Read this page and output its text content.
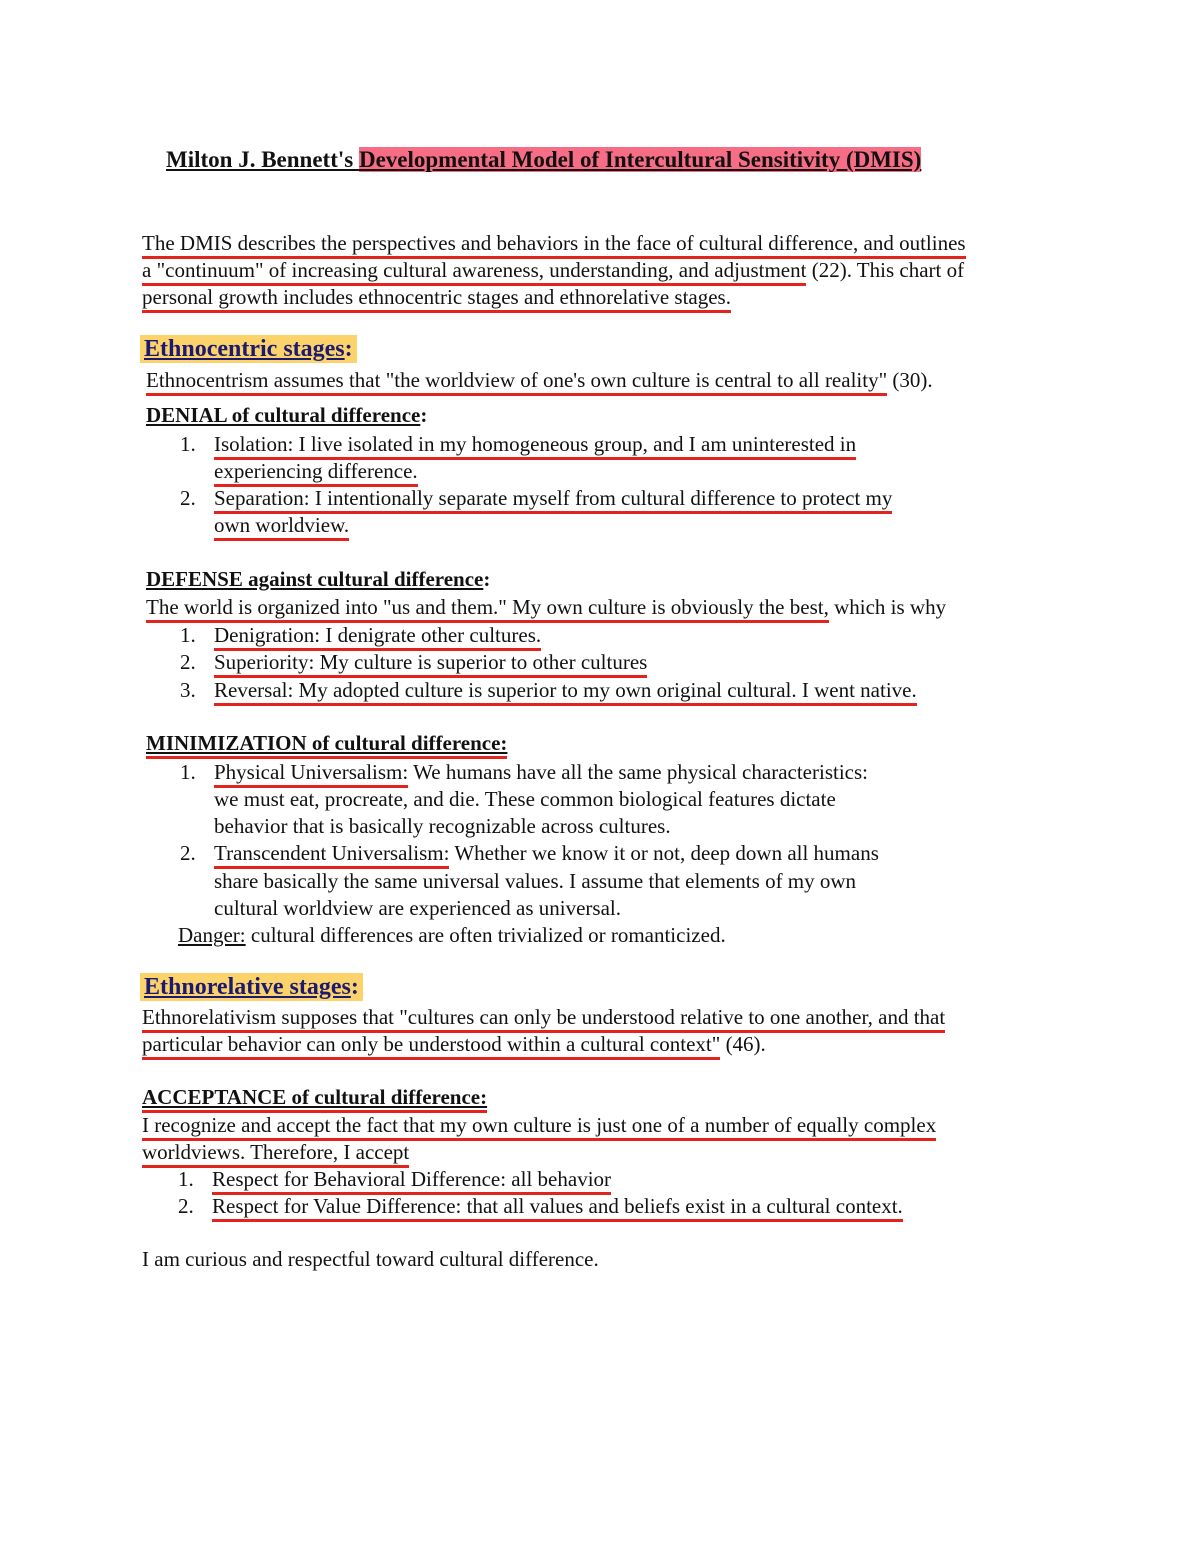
Milton J. Bennett's Developmental Model of Intercultural Sensitivity (DMIS)
The DMIS describes the perspectives and behaviors in the face of cultural difference, and outlines
a "continuum" of increasing cultural awareness, understanding, and adjustment (22). This chart of
personal growth includes ethnocentric stages and ethnorelative stages.
Ethnocentric stages:
Ethnocentrism assumes that "the worldview of one's own culture is central to all reality" (30).
DENIAL of cultural difference:
1. Isolation: I live isolated in my homogeneous group, and I am uninterested in
experiencing difference.
2. Separation: I intentionally separate myself from cultural difference to protect my
own worldview.
DEFENSE against cultural difference:
The world is organized into "us and them." My own culture is obviously the best, which is why
1. Denigration: I denigrate other cultures.
2. Superiority: My culture is superior to other cultures
3. Reversal: My adopted culture is superior to my own original cultural. I went native.
MINIMIZATION of cultural difference:
1. Physical Universalism: We humans have all the same physical characteristics:
we must eat, procreate, and die. These common biological features dictate
behavior that is basically recognizable across cultures.
2. Transcendent Universalism: Whether we know it or not, deep down all humans
share basically the same universal values. I assume that elements of my own
cultural worldview are experienced as universal.
Danger: cultural differences are often trivialized or romanticized.
Ethnorelative stages:
Ethnorelativism supposes that "cultures can only be understood relative to one another, and that
particular behavior can only be understood within a cultural context" (46).
ACCEPTANCE of cultural difference:
I recognize and accept the fact that my own culture is just one of a number of equally complex
worldviews. Therefore, I accept
1. Respect for Behavioral Difference: all behavior
2. Respect for Value Difference: that all values and beliefs exist in a cultural context.
I am curious and respectful toward cultural difference.
